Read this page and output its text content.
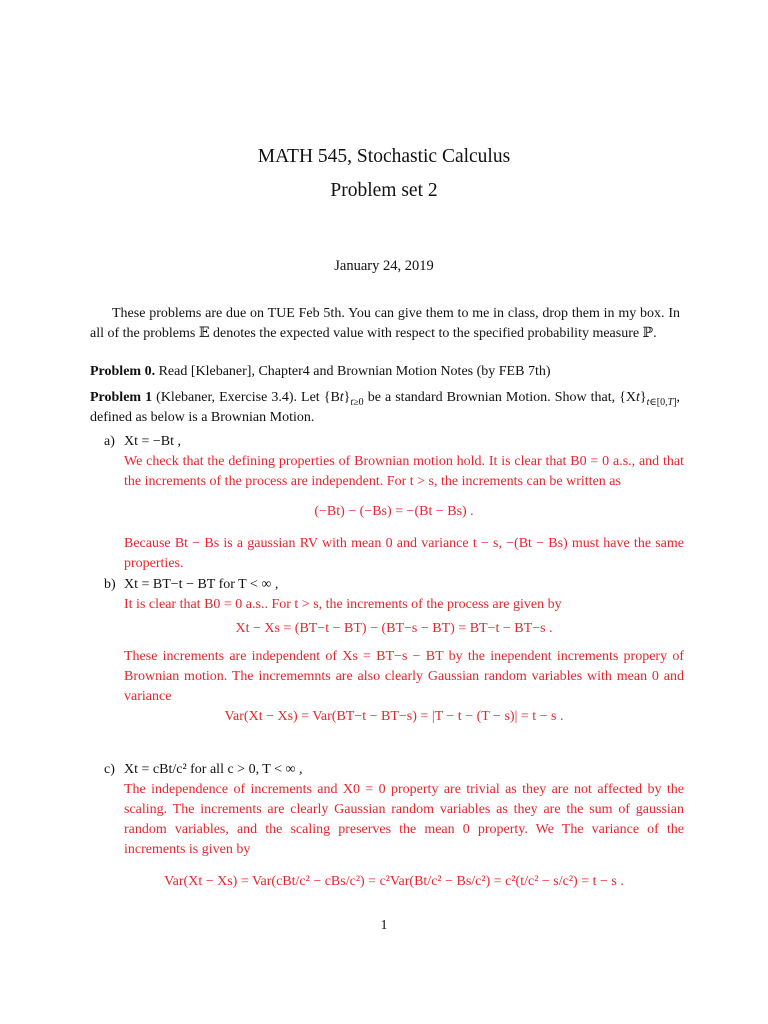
MATH 545, Stochastic Calculus
Problem set 2
January 24, 2019
These problems are due on TUE Feb 5th. You can give them to me in class, drop them in my box. In all of the problems 𝔼 denotes the expected value with respect to the specified probability measure ℙ.
Problem 0. Read [Klebaner], Chapter4 and Brownian Motion Notes (by FEB 7th)
Problem 1 (Klebaner, Exercise 3.4). Let $\{Bt\}_{t\ge 0}$ be a standard Brownian Motion. Show that, $\{Xt\}_{t\in[0,T]}$, defined as below is a Brownian Motion.
a) Xt = −Bt ,
We check that the defining properties of Brownian motion hold. It is clear that B0 = 0 a.s., and that the increments of the process are independent. For t > s, the increments can be written as
(−Bt) − (−Bs) = −(Bt − Bs) .
Because Bt − Bs is a gaussian RV with mean 0 and variance t − s, −(Bt − Bs) must have the same properties.
b) Xt = BT−t − BT for T < ∞ ,
It is clear that B0 = 0 a.s.. For t > s, the increments of the process are given by
Xt − Xs = (BT−t − BT) − (BT−s − BT) = BT−t − BT−s .
These increments are independent of Xs = BT−s − BT by the inependent increments propery of Brownian motion. The incrememnts are also clearly Gaussian random variables with mean 0 and variance
Var(Xt − Xs) = Var(BT−t − BT−s) = |T − t − (T − s)| = t − s .
c) Xt = cBt/c² for all c > 0, T < ∞ ,
The independence of increments and X0 = 0 property are trivial as they are not affected by the scaling. The increments are clearly Gaussian random variables as they are the sum of gaussian random variables, and the scaling preserves the mean 0 property. We The variance of the increments is given by
Var(Xt − Xs) = Var(cBt/c² − cBs/c²) = c²Var(Bt/c² − Bs/c²) = c²(t/c² − s/c²) = t − s .
1
